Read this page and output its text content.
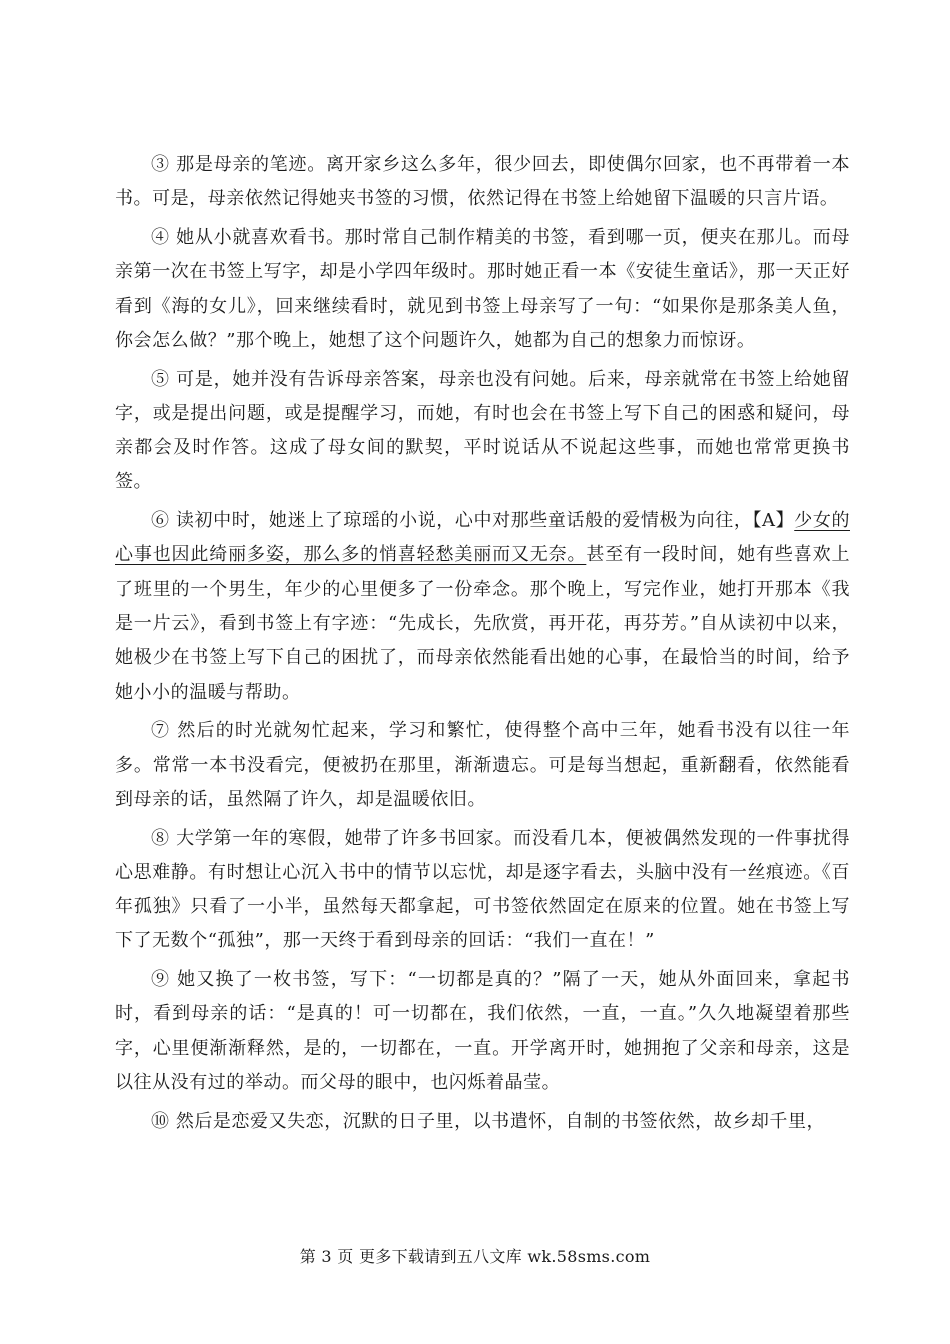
③ 那是母亲的笔迹。离开家乡这么多年，很少回去，即使偶尔回家，也不再带着一本书。可是，母亲依然记得她夹书签的习惯，依然记得在书签上给她留下温暖的只言片语。

④ 她从小就喜欢看书。那时常自己制作精美的书签，看到哪一页，便夹在那儿。而母亲第一次在书签上写字，却是小学四年级时。那时她正看一本《安徒生童话》，那一天正好看到《海的女儿》，回来继续看时，就见到书签上母亲写了一句：“如果你是那条美人鱼，你会怎么做？”那个晚上，她想了这个问题许久，她都为自己的想象力而惊讶。

⑤ 可是，她并没有告诉母亲答案，母亲也没有问她。后来，母亲就常在书签上给她留字，或是提出问题，或是提醒学习，而她，有时也会在书签上写下自己的困惑和疑问，母亲都会及时作答。这成了母女间的默契，平时说话从不说起这些事，而她也常常更换书签。

⑥ 读初中时，她迷上了琼瑶的小说，心中对那些童话般的爱情极为向往，【A】少女的心事也因此绮丽多姿，那么多的悄喜轻愁美丽而又无奈。甚至有一段时间，她有些喜欢上了班里的一个男生，年少的心里便多了一份牵念。那个晚上，写完作业，她打开那本《我是一片云》，看到书签上有字迹：“先成长，先欣赏，再开花，再芬芳。”自从读初中以来，她极少在书签上写下自己的困扰了，而母亲依然能看出她的心事，在最恰当的时间，给予她小小的温暖与帮助。

⑦ 然后的时光就匆忙起来，学习和繁忙，使得整个高中三年，她看书没有以往一年多。常常一本书没看完，便被扔在那里，渐渐遗忘。可是每当想起，重新翻看，依然能看到母亲的话，虽然隔了许久，却是温暖依旧。

⑧ 大学第一年的寒假，她带了许多书回家。而没看几本，便被偶然发现的一件事扰得心思难静。有时想让心沉入书中的情节以忘忧，却是逐字看去，头脑中没有一丝痕迹。《百年孤独》只看了一小半，虽然每天都拿起，可书签依然固定在原来的位置。她在书签上写下了无数个“孤独”，那一天终于看到母亲的回话：“我们一直在！”

⑨ 她又换了一枚书签，写下：“一切都是真的？”隔了一天，她从外面回来，拿起书时，看到母亲的话：“是真的！可一切都在，我们依然，一直，一直。”久久地凝望着那些字，心里便渐渐释然，是的，一切都在，一直。开学离开时，她拥抱了父亲和母亲，这是以往从没有过的举动。而父母的眼中，也闪烁着晶莹。

⑩ 然后是恋爱又失恋，沉默的日子里，以书遣怀，自制的书签依然，故乡却千里，

第 3 页 更多下载请到五八文库 wk.58sms.com
